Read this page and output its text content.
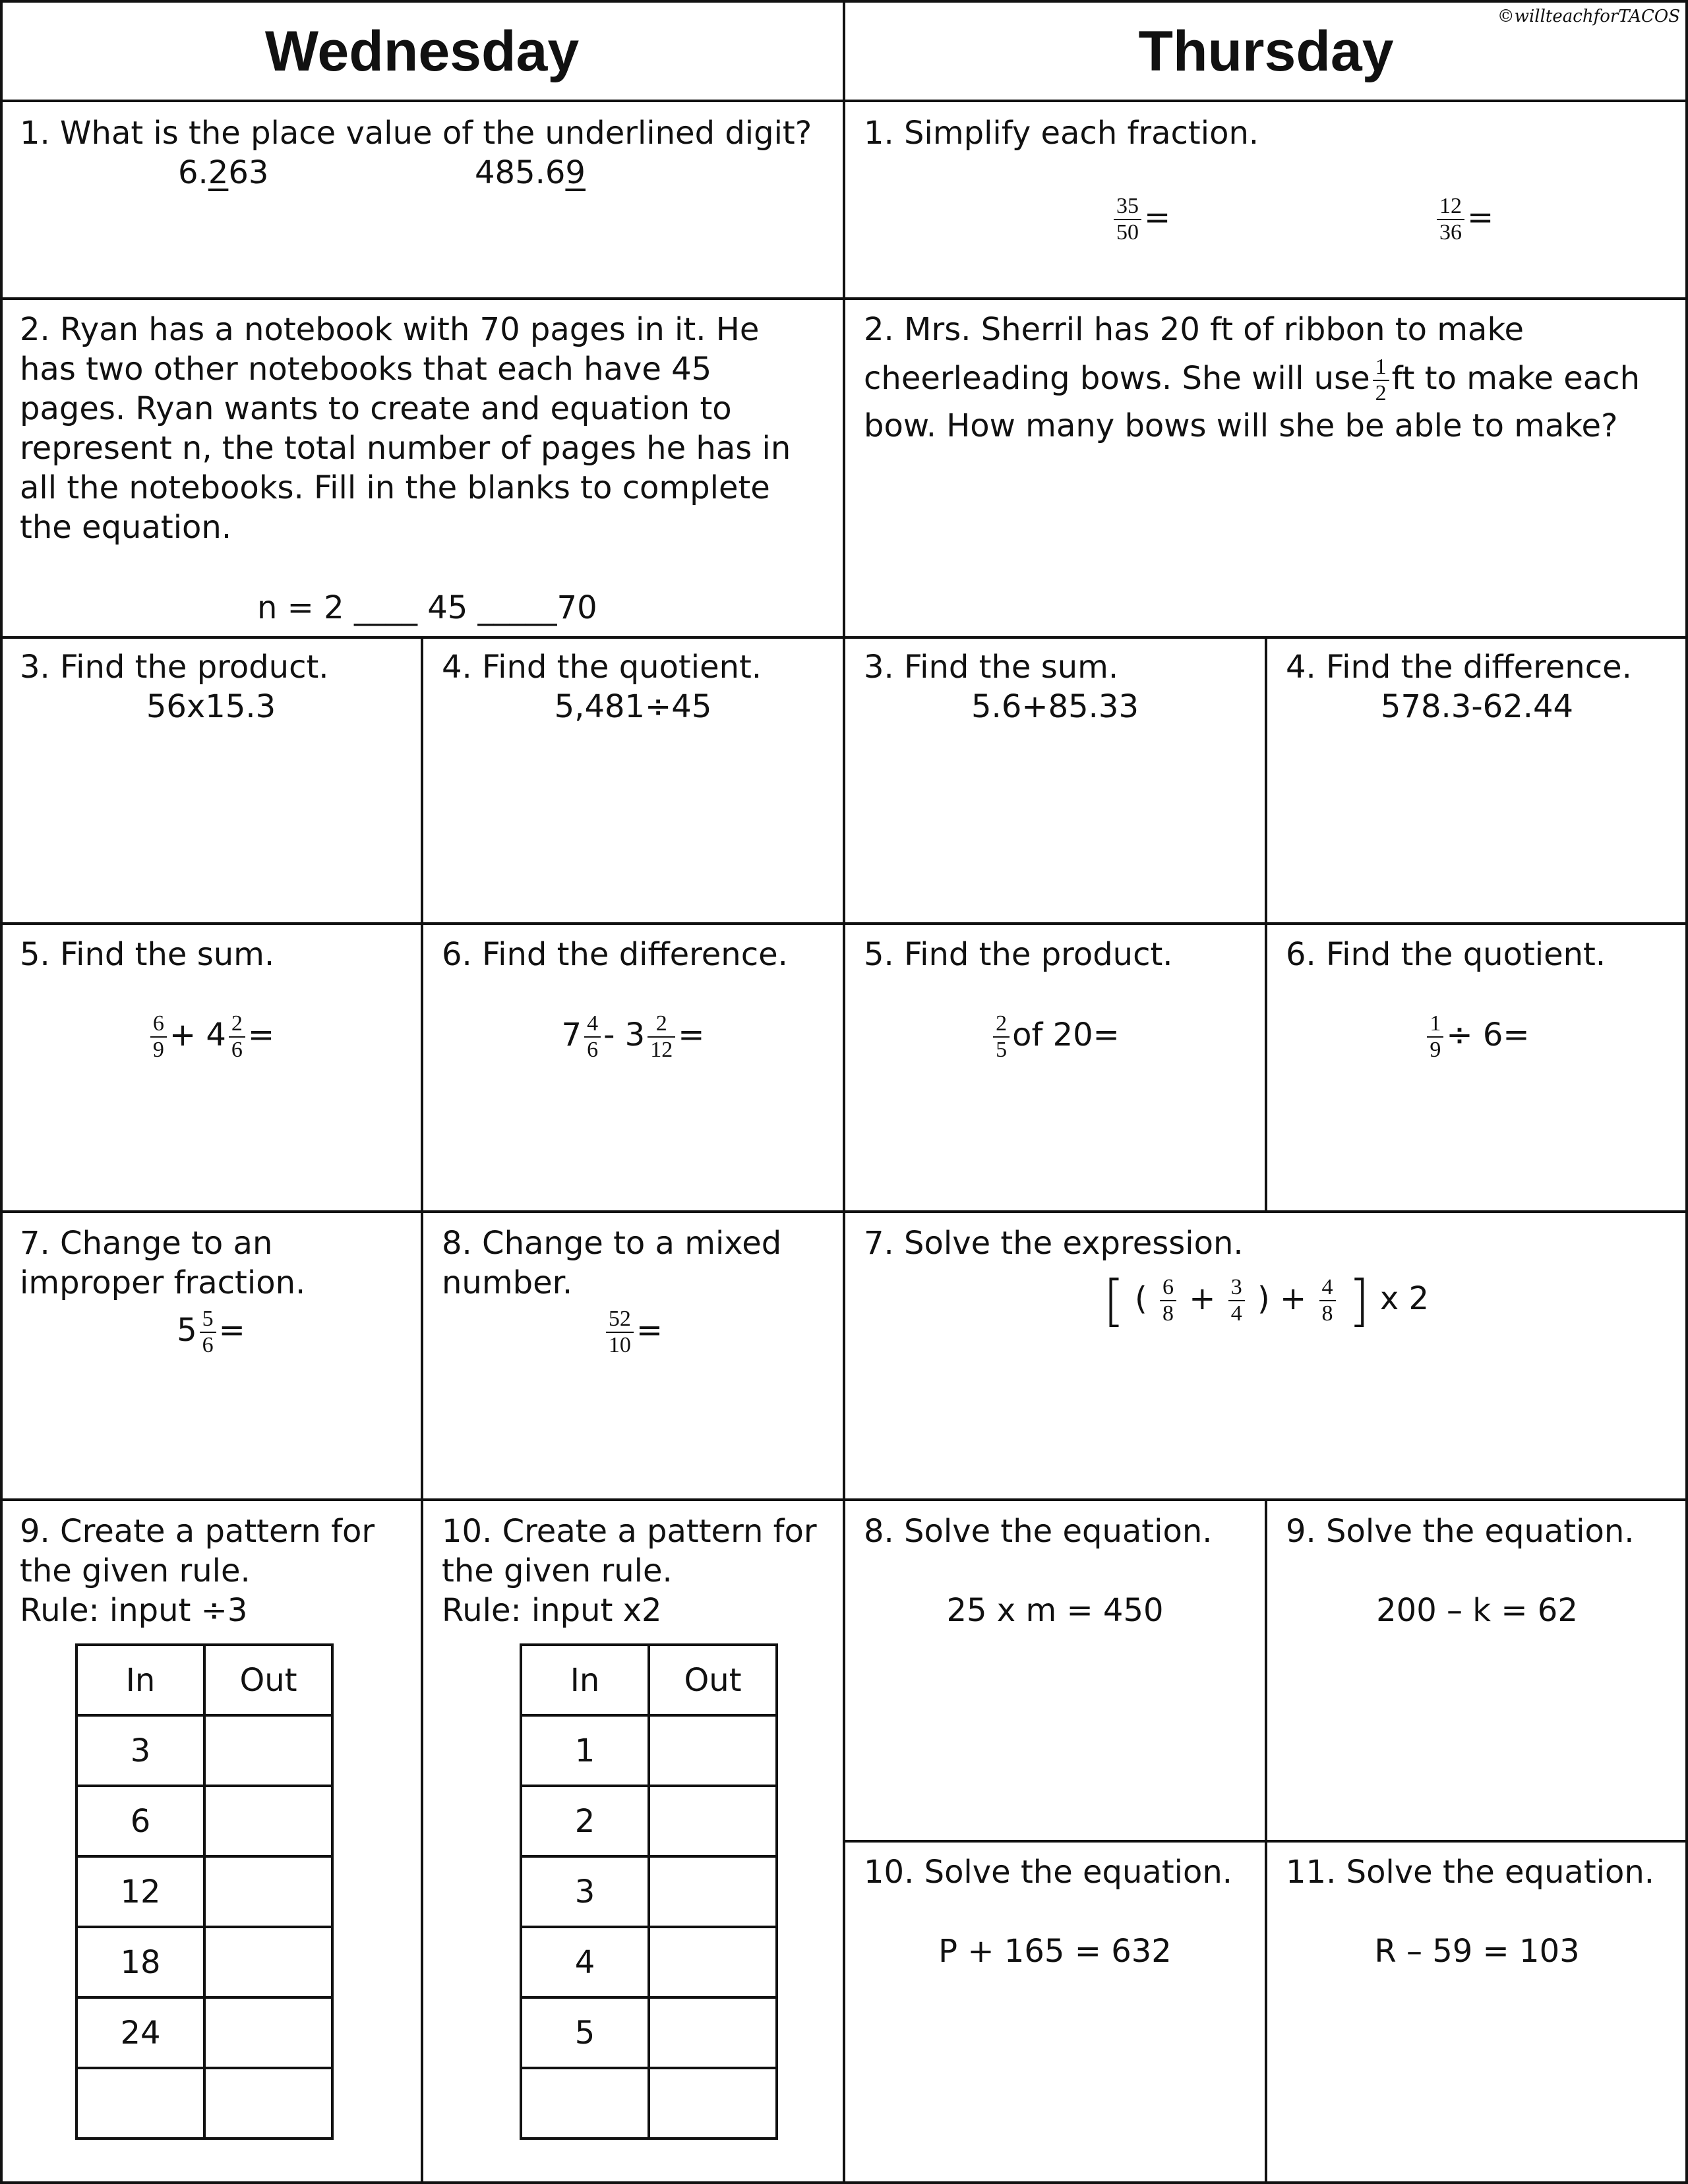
Wednesday	Thursday
©willteachforTACOS
1. What is the place value of the underlined digit?
6.263	485.69
2. Ryan has a notebook with 70 pages in it. He has two other notebooks that each have 45 pages. Ryan wants to create and equation to represent n, the total number of pages he has in all the notebooks. Fill in the blanks to complete the equation.
n = 2 ____ 45 _____70
3. Find the product.
56x15.3
4. Find the quotient.
5,481÷45
5. Find the sum.
$\frac{6}{9} + 4 \frac{2}{6}$ =
6. Find the difference.
$7 \frac{4}{6} - 3 \frac{2}{12}$ =
7. Change to an
improper fraction.
$5 \frac{5}{6}$ =
8. Change to a mixed
number.
$\frac{52}{10}$ =
9. Create a pattern for
the given rule.
Rule: input ÷3
In	Out
3	
6	
12	
18	
24	

10. Create a pattern for
the given rule.
Rule: input x2
In	Out
1	
2	
3	
4	
5	

1. Simplify each fraction.
$\frac{35}{50}$ =	$\frac{12}{36}$ =
2. Mrs. Sherril has 20 ft of ribbon to make
cheerleading bows. She will use $\frac{1}{2}$ ft to make each
bow. How many bows will she be able to make?
3. Find the sum.
5.6+85.33
4. Find the difference.
578.3-62.44
5. Find the product.
$\frac{2}{5}$ of 20=
6. Find the quotient.
$\frac{1}{9} \div 6=$
7. Solve the expression.
[ ( $\frac{6}{8} + \frac{3}{4}$ ) + $\frac{4}{8}$ ] x 2
8. Solve the equation.
25 x m = 450
9. Solve the equation.
200 – k = 62
10. Solve the equation.
P + 165 = 632
11. Solve the equation.
R – 59 = 103
